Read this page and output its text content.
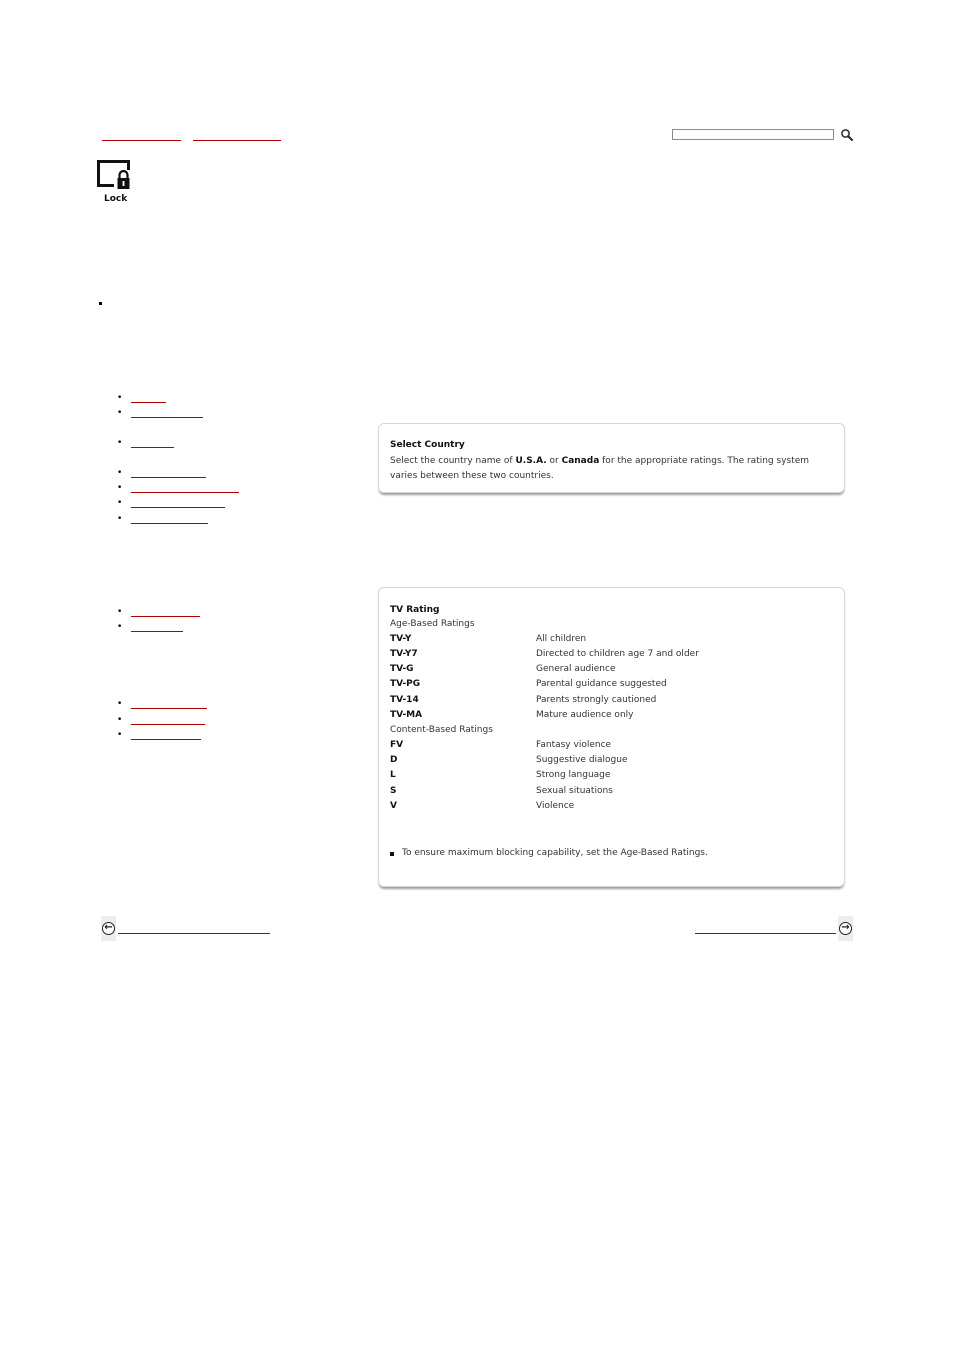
Lock
•
•
•
•
•
•
•
•
•
•
•
•
Select Country
Select the country name of U.S.A. or Canada for the appropriate ratings. The rating system
varies between these two countries.
TV Rating
Age-Based Ratings
TV-Y	All children
TV-Y7	Directed to children age 7 and older
TV-G	General audience
TV-PG	Parental guidance suggested
TV-14	Parents strongly cautioned
TV-MA	Mature audience only
Content-Based Ratings
FV	Fantasy violence
D	Suggestive dialogue
L	Strong language
S	Sexual situations
V	Violence
To ensure maximum blocking capability, set the Age-Based Ratings.
←	→
